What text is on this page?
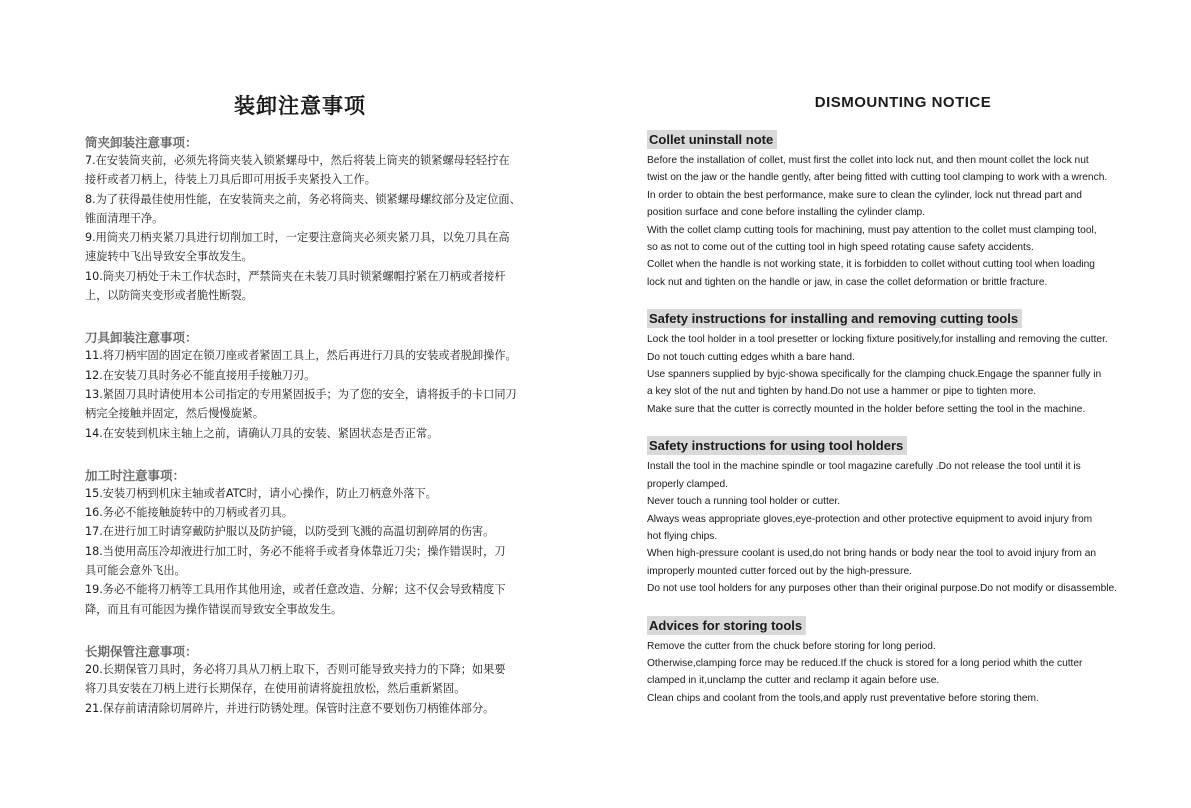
装卸注意事项
筒夹卸装注意事项：
7.在安装筒夹前，必须先将筒夹装入锁紧螺母中，然后将装上筒夹的锁紧螺母轻轻拧在
接杆或者刀柄上，待装上刀具后即可用扳手夹紧投入工作。
8.为了获得最佳使用性能，在安装筒夹之前，务必将筒夹、锁紧螺母螺纹部分及定位面、
锥面清理干净。
9.用筒夹刀柄夹紧刀具进行切削加工时，一定要注意筒夹必须夹紧刀具，以免刀具在高
速旋转中飞出导致安全事故发生。
10.筒夹刀柄处于未工作状态时，严禁筒夹在未装刀具时锁紧螺帽拧紧在刀柄或者接杆
上，以防筒夹变形或者脆性断裂。
刀具卸装注意事项：
11.将刀柄牢固的固定在锁刀座或者紧固工具上，然后再进行刀具的安装或者脱卸操作。
12.在安装刀具时务必不能直接用手接触刀刃。
13.紧固刀具时请使用本公司指定的专用紧固扳手；为了您的安全，请将扳手的卡口同刀
柄完全接触并固定，然后慢慢旋紧。
14.在安装到机床主轴上之前，请确认刀具的安装、紧固状态是否正常。
加工时注意事项：
15.安装刀柄到机床主轴或者ATC时，请小心操作，防止刀柄意外落下。
16.务必不能接触旋转中的刀柄或者刃具。
17.在进行加工时请穿戴防护服以及防护镜，以防受到飞溅的高温切割碎屑的伤害。
18.当使用高压冷却液进行加工时，务必不能将手或者身体靠近刀尖；操作错误时，刀
具可能会意外飞出。
19.务必不能将刀柄等工具用作其他用途，或者任意改造、分解；这不仅会导致精度下
降，而且有可能因为操作错误而导致安全事故发生。
长期保管注意事项：
20.长期保管刀具时，务必将刀具从刀柄上取下，否则可能导致夹持力的下降；如果要
将刀具安装在刀柄上进行长期保存，在使用前请将旋扭放松，然后重新紧固。
21.保存前请清除切屑碎片，并进行防锈处理。保管时注意不要划伤刀柄锥体部分。
DISMOUNTING NOTICE
Collet uninstall note
Before the installation of collet, must first the collet into lock nut, and then mount collet the lock nut
twist on the jaw or the handle gently, after being fitted with cutting tool clamping to work with a wrench.
In order to obtain the best performance, make sure to clean the cylinder, lock nut thread part and
position surface and cone before installing the cylinder clamp.
With the collet clamp cutting tools for machining, must pay attention to the collet must clamping tool,
so as not to come out of the cutting tool in high speed rotating cause safety accidents.
Collet when the handle is not working state, it is forbidden to collet without cutting tool when loading
lock nut and tighten on the handle or jaw, in case the collet deformation or brittle fracture.
Safety instructions for installing and removing cutting tools
Lock the tool holder in a tool presetter or locking fixture positively,for installing and removing the cutter.
Do not touch cutting edges whith a bare hand.
Use spanners supplied by byjc-showa specifically for the clamping chuck.Engage the spanner fully in
a key slot of the nut and tighten by hand.Do not use a hammer or pipe to tighten more.
Make sure that the cutter is correctly mounted in the holder before setting the tool in the machine.
Safety instructions for using tool holders
Install the tool in the machine spindle or tool magazine carefully .Do not release the tool until it is
properly clamped.
Never touch a running tool holder or cutter.
Always weas appropriate gloves,eye-protection and other protective equipment to avoid injury from
hot flying chips.
When high-pressure coolant is used,do not bring hands or body near the tool to avoid injury from an
improperly mounted cutter forced out by the high-pressure.
Do not use tool holders for any purposes other than their original purpose.Do not modify or disassemble.
Advices for storing tools
Remove the cutter from the chuck before storing for long period.
Otherwise,clamping force may be reduced.If the chuck is stored for a long period whith the cutter
clamped in it,unclamp the cutter and reclamp it again before use.
Clean chips and coolant from the tools,and apply rust preventative before storing them.
